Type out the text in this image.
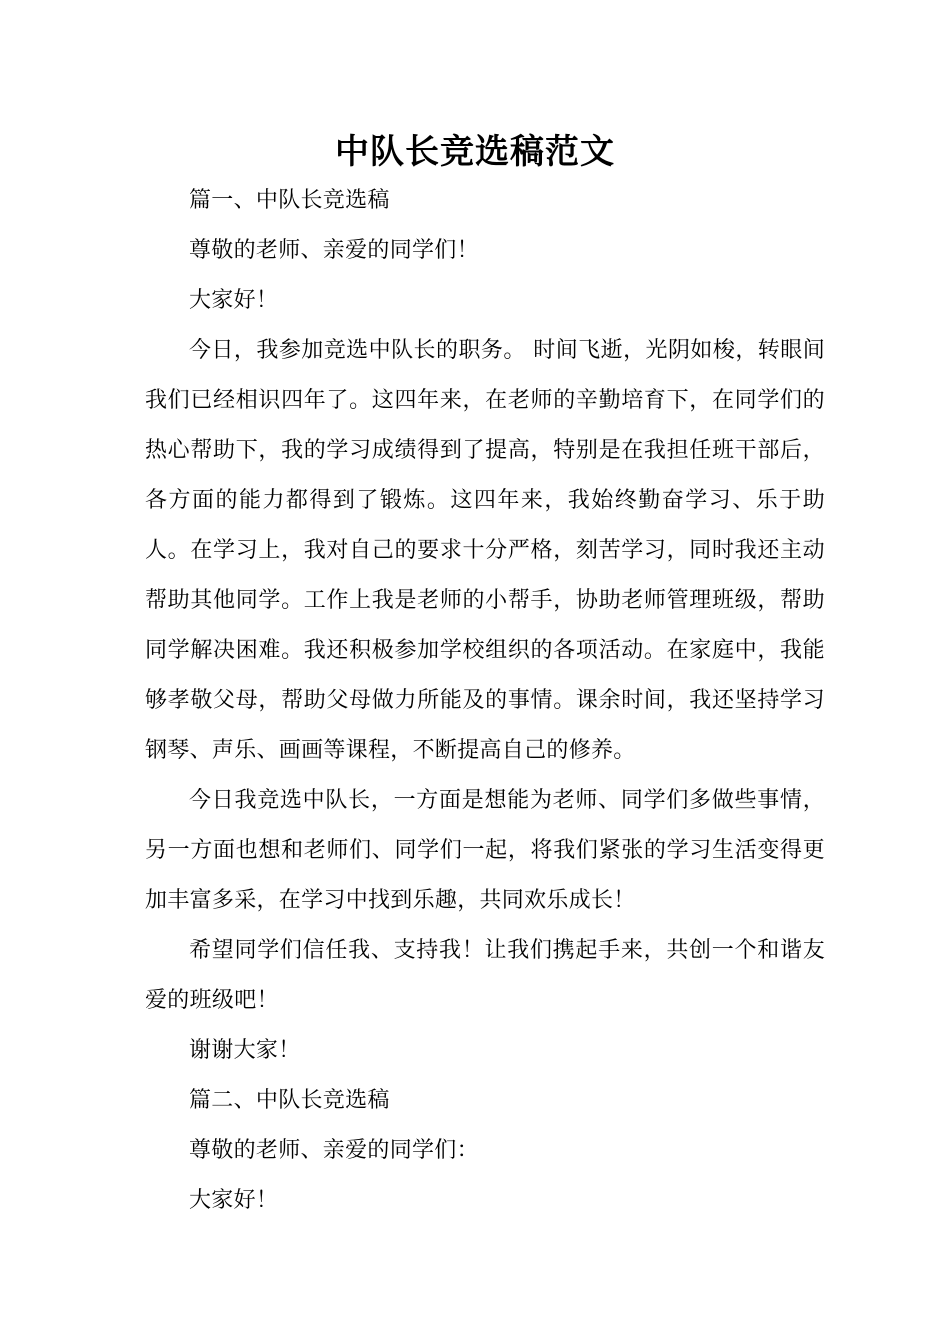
中队长竞选稿范文

篇一、中队长竞选稿

尊敬的老师、亲爱的同学们！

大家好！

今日，我参加竞选中队长的职务。 时间飞逝，光阴如梭，转眼间我们已经相识四年了。这四年来，在老师的辛勤培育下，在同学们的热心帮助下，我的学习成绩得到了提高，特别是在我担任班干部后，各方面的能力都得到了锻炼。这四年来，我始终勤奋学习、乐于助人。在学习上，我对自己的要求十分严格，刻苦学习，同时我还主动帮助其他同学。工作上我是老师的小帮手，协助老师管理班级，帮助同学解决困难。我还积极参加学校组织的各项活动。在家庭中，我能够孝敬父母，帮助父母做力所能及的事情。课余时间，我还坚持学习钢琴、声乐、画画等课程，不断提高自己的修养。

今日我竞选中队长，一方面是想能为老师、同学们多做些事情，另一方面也想和老师们、同学们一起，将我们紧张的学习生活变得更加丰富多采，在学习中找到乐趣，共同欢乐成长！

希望同学们信任我、支持我！让我们携起手来，共创一个和谐友爱的班级吧！

谢谢大家！

篇二、中队长竞选稿

尊敬的老师、亲爱的同学们：

大家好！
